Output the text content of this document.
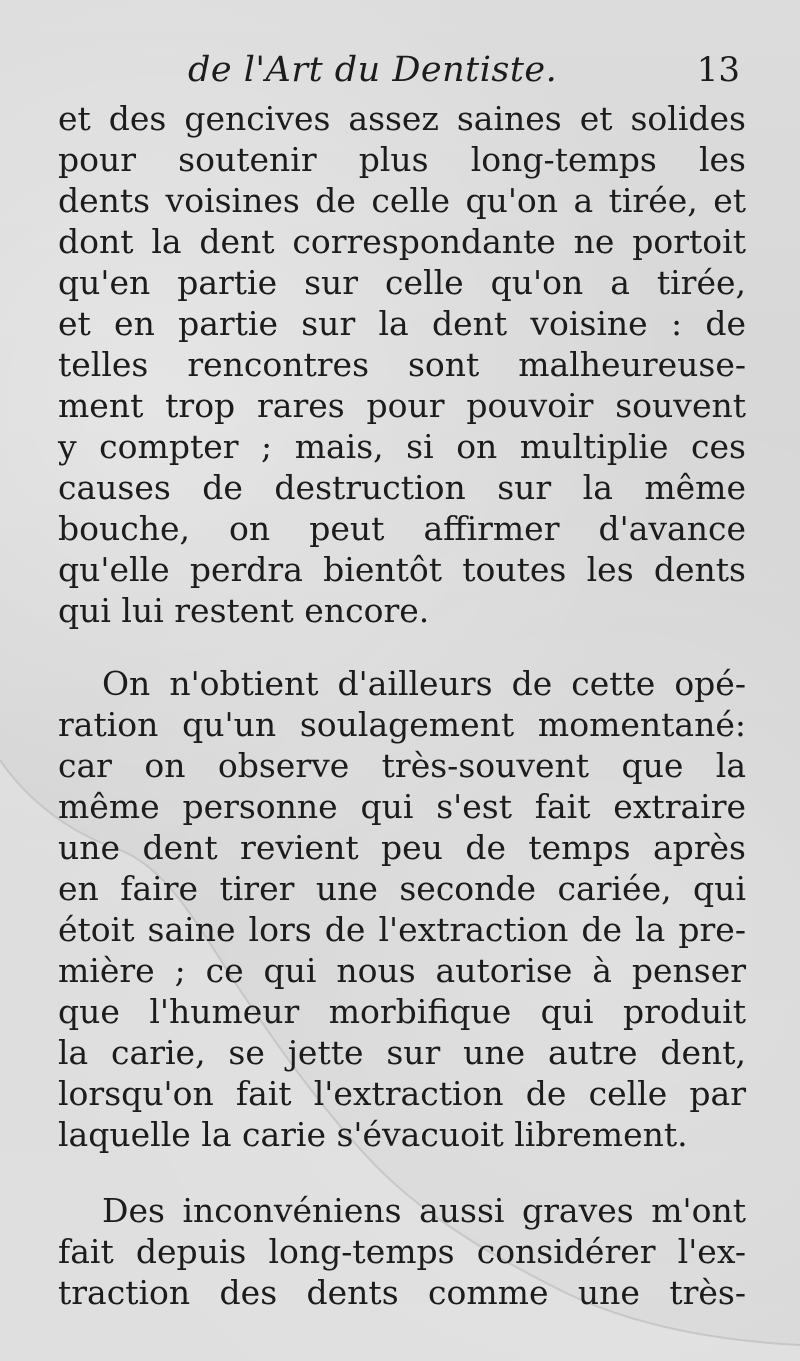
de l'Art du Dentiste.	13
et des gencives assez saines et solides
pour soutenir plus long-temps les
dents voisines de celle qu'on a tirée, et
dont la dent correspondante ne portoit
qu'en partie sur celle qu'on a tirée,
et en partie sur la dent voisine : de
telles rencontres sont malheureuse-
ment trop rares pour pouvoir souvent
y compter ; mais, si on multiplie ces
causes de destruction sur la même
bouche, on peut affirmer d'avance
qu'elle perdra bientôt toutes les dents
qui lui restent encore.
On n'obtient d'ailleurs de cette opé-
ration qu'un soulagement momentané:
car on observe très-souvent que la
même personne qui s'est fait extraire
une dent revient peu de temps après
en faire tirer une seconde cariée, qui
étoit saine lors de l'extraction de la pre-
mière ; ce qui nous autorise à penser
que l'humeur morbifique qui produit
la carie, se jette sur une autre dent,
lorsqu'on fait l'extraction de celle par
laquelle la carie s'évacuoit librement.
Des inconvéniens aussi graves m'ont
fait depuis long-temps considérer l'ex-
traction des dents comme une très-
